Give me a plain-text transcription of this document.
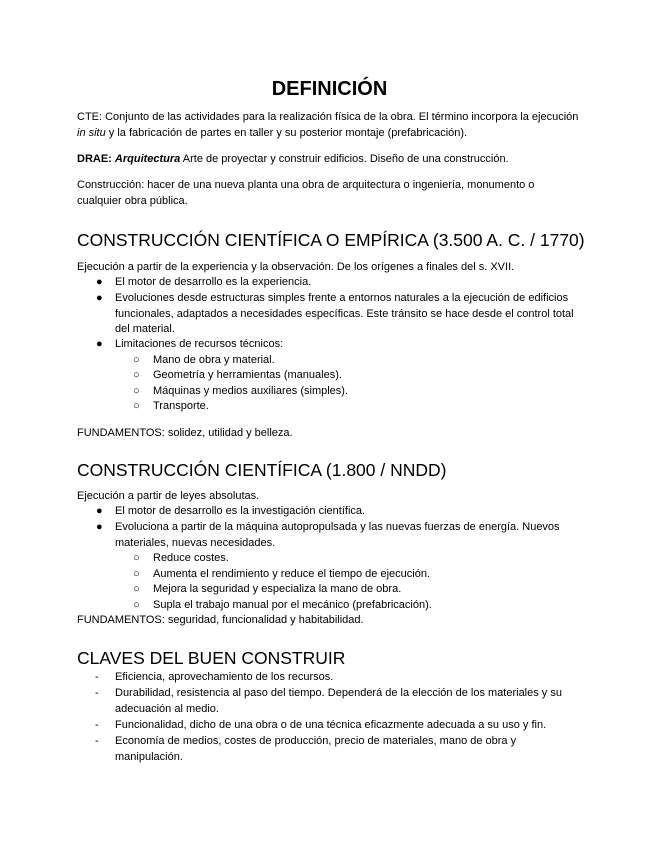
DEFINICIÓN

CTE: Conjunto de las actividades para la realización física de la obra. El término incorpora la ejecución in situ y la fabricación de partes en taller y su posterior montaje (prefabricación).

DRAE: Arquitectura Arte de proyectar y construir edificios. Diseño de una construcción.

Construcción: hacer de una nueva planta una obra de arquitectura o ingeniería, monumento o cualquier obra pública.

CONSTRUCCIÓN CIENTÍFICA O EMPÍRICA (3.500 A. C. / 1770)

Ejecución a partir de la experiencia y la observación. De los orígenes a finales del s. XVII.

● El motor de desarrollo es la experiencia.

● Evoluciones desde estructuras simples frente a entornos naturales a la ejecución de edificios funcionales, adaptados a necesidades específicas. Este tránsito se hace desde el control total del material.

● Limitaciones de recursos técnicos:

○ Mano de obra y material.

○ Geometría y herramientas (manuales).

○ Máquinas y medios auxiliares (simples).

○ Transporte.

FUNDAMENTOS: solidez, utilidad y belleza.

CONSTRUCCIÓN CIENTÍFICA (1.800 / NNDD)

Ejecución a partir de leyes absolutas.

● El motor de desarrollo es la investigación científica.

● Evoluciona a partir de la máquina autopropulsada y las nuevas fuerzas de energía. Nuevos materiales, nuevas necesidades.

○ Reduce costes.

○ Aumenta el rendimiento y reduce el tiempo de ejecución.

○ Mejora la seguridad y especializa la mano de obra.

○ Supla el trabajo manual por el mecánico (prefabricación).

FUNDAMENTOS: seguridad, funcionalidad y habitabilidad.

CLAVES DEL BUEN CONSTRUIR
- Eficiencia, aprovechamiento de los recursos.

- Durabilidad, resistencia al paso del tiempo. Dependerá de la elección de los materiales y su adecuación al medio.

- Funcionalidad, dicho de una obra o de una técnica eficazmente adecuada a su uso y fin.

- Economía de medios, costes de producción, precio de materiales, mano de obra y manipulación.
